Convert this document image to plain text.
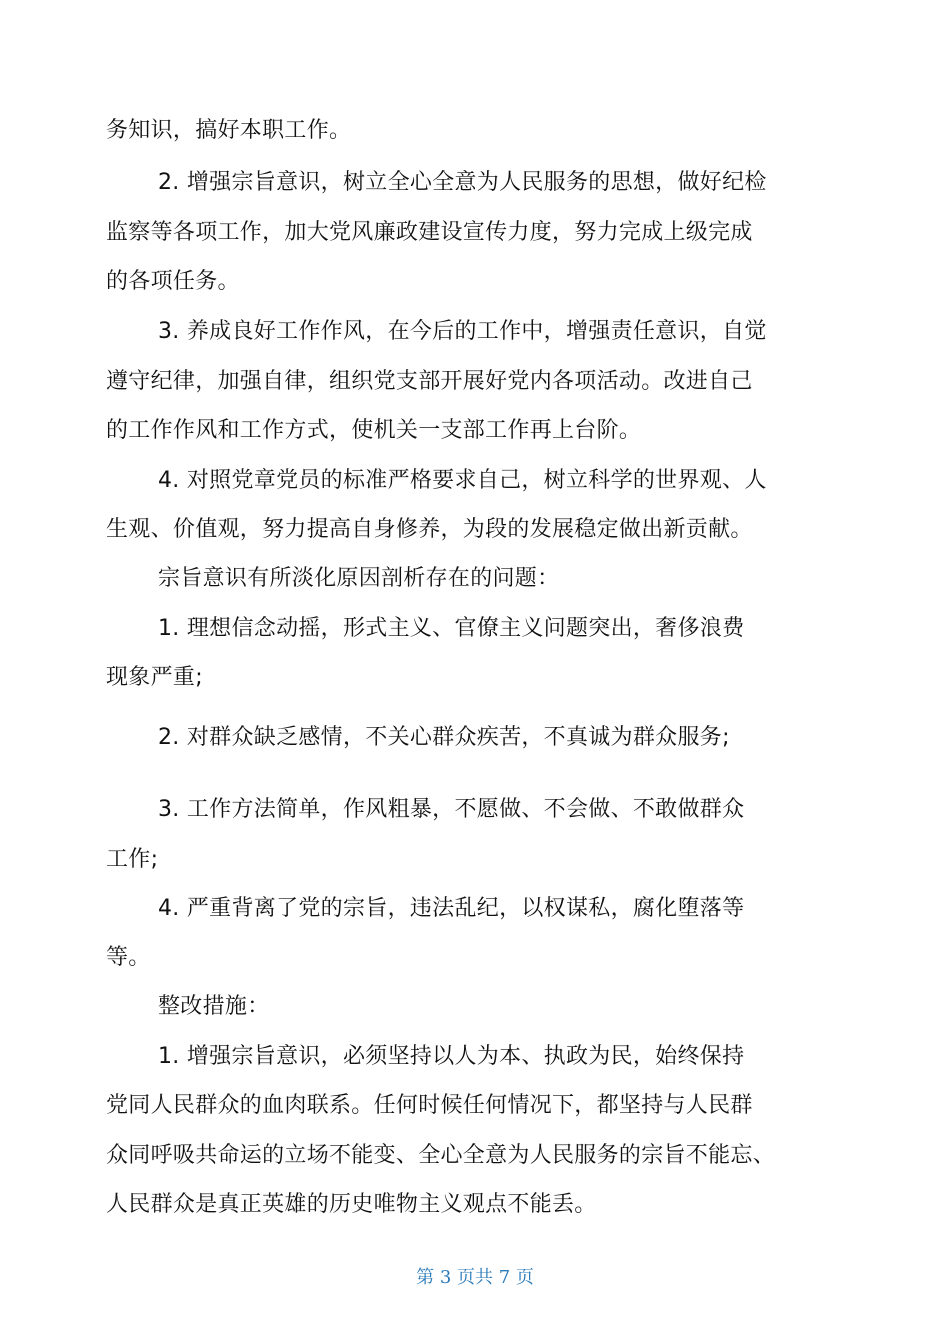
务知识，搞好本职工作。
2. 增强宗旨意识，树立全心全意为人民服务的思想，做好纪检
监察等各项工作，加大党风廉政建设宣传力度，努力完成上级完成
的各项任务。
3. 养成良好工作作风，在今后的工作中，增强责任意识，自觉
遵守纪律，加强自律，组织党支部开展好党内各项活动。改进自己
的工作作风和工作方式，使机关一支部工作再上台阶。
4. 对照党章党员的标准严格要求自己，树立科学的世界观、人
生观、价值观，努力提高自身修养，为段的发展稳定做出新贡献。
宗旨意识有所淡化原因剖析存在的问题：
1. 理想信念动摇，形式主义、官僚主义问题突出，奢侈浪费
现象严重;
2. 对群众缺乏感情，不关心群众疾苦，不真诚为群众服务;
3. 工作方法简单，作风粗暴，不愿做、不会做、不敢做群众
工作;
4. 严重背离了党的宗旨，违法乱纪，以权谋私，腐化堕落等
等。
整改措施：
1. 增强宗旨意识，必须坚持以人为本、执政为民，始终保持
党同人民群众的血肉联系。任何时候任何情况下，都坚持与人民群
众同呼吸共命运的立场不能变、全心全意为人民服务的宗旨不能忘、
人民群众是真正英雄的历史唯物主义观点不能丢。
第 3 页共 7 页
